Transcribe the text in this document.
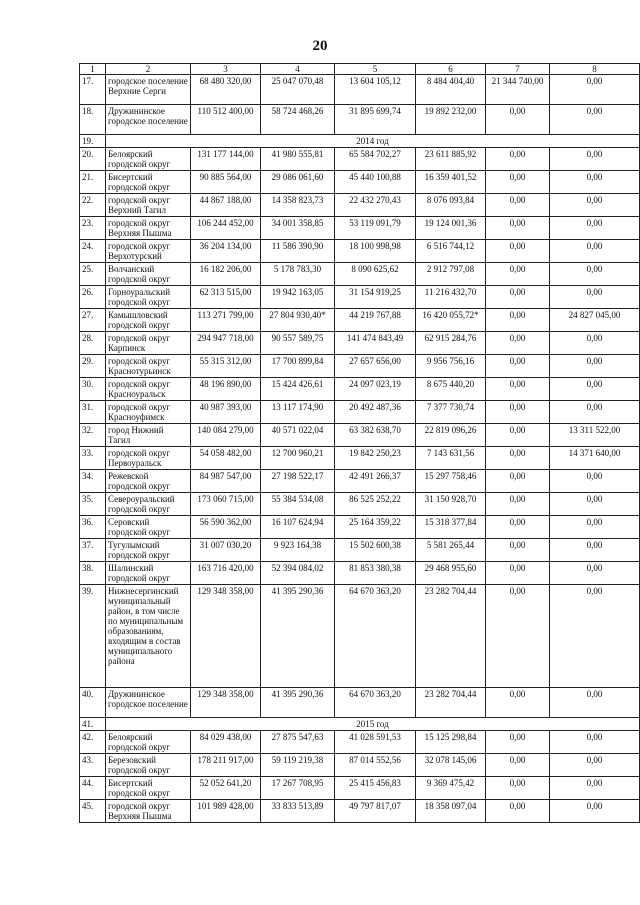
20
1	2	3	4	5	6	7	8
17.	городское поселение Верхние Серги	68 480 320,00	25 047 070,48	13 604 105,12	8 484 404,40	21 344 740,00	0,00
18.	Дружининское городское поселение	110 512 400,00	58 724 468,26	31 895 699,74	19 892 232,00	0,00	0,00
19.	2014 год						
20.	Белоярский городской округ	131 177 144,00	41 980 555,81	65 584 702,27	23 611 885,92	0,00	0,00
21.	Бисертский городской округ	90 885 564,00	29 086 061,60	45 440 100,88	16 359 401,52	0,00	0,00
22.	городской округ Верхний Тагил	44 867 188,00	14 358 823,73	22 432 270,43	8 076 093,84	0,00	0,00
23.	городской округ Верхняя Пышма	106 244 452,00	34 001 358,85	53 119 091,79	19 124 001,36	0,00	0,00
24.	городской округ Верхотурский	36 204 134,00	11 586 390,90	18 100 998,98	6 516 744,12	0,00	0,00
25.	Волчанский городской округ	16 182 206,00	5 178 783,30	8 090 625,62	2 912 797,08	0,00	0,00
26.	Горноуральский городской округ	62 313 515,00	19 942 163,05	31 154 919,25	11 216 432,70	0,00	0,00
27.	Камышловский городской округ	113 271 799,00	27 804 930,40*	44 219 767,88	16 420 055,72*	0,00	24 827 045,00
28.	городской округ Карпинск	294 947 718,00	90 557 589,75	141 474 843,49	62 915 284,76	0,00	0,00
29.	городской округ Краснотурьинск	55 315 312,00	17 700 899,84	27 657 656,00	9 956 756,16	0,00	0,00
30.	городской округ Красноуральск	48 196 890,00	15 424 426,61	24 097 023,19	8 675 440,20	0,00	0,00
31.	городской округ Красноуфимск	40 987 393,00	13 117 174,90	20 492 487,36	7 377 730,74	0,00	0,00
32.	город Нижний Тагил	140 084 279,00	40 571 022,04	63 382 638,70	22 819 096,26	0,00	13 311 522,00
33.	городской округ Первоуральск	54 058 482,00	12 700 960,21	19 842 250,23	7 143 631,56	0,00	14 371 640,00
34.	Режевской городской округ	84 987 547,00	27 198 522,17	42 491 266,37	15 297 758,46	0,00	0,00
35.	Североуральский городской округ	173 060 715,00	55 384 534,08	86 525 252,22	31 150 928,70	0,00	0,00
36.	Серовский городской округ	56 590 362,00	16 107 624,94	25 164 359,22	15 318 377,84	0,00	0,00
37.	Тугулымский городской округ	31 007 030,20	9 923 164,38	15 502 600,38	5 581 265,44	0,00	0,00
38.	Шалинский городской округ	163 716 420,00	52 394 084,02	81 853 380,38	29 468 955,60	0,00	0,00
39.	Нижнесергинский муниципальный район, в том числе по муниципальным образованиям, входящим в состав муниципального района	129 348 358,00	41 395 290,36	64 670 363,20	23 282 704,44	0,00	0,00
40.	Дружининское городское поселение	129 348 358,00	41 395 290,36	64 670 363,20	23 282 704,44	0,00	0,00
41.	2015 год						
42.	Белоярский городской округ	84 029 438,00	27 875 547,63	41 028 591,53	15 125 298,84	0,00	0,00
43.	Березовский городской округ	178 211 917,00	59 119 219,38	87 014 552,56	32 078 145,06	0,00	0,00
44.	Бисертский городской округ	52 052 641,20	17 267 708,95	25 415 456,83	9 369 475,42	0,00	0,00
45.	городской округ Верхняя Пышма	101 989 428,00	33 833 513,89	49 797 817,07	18 358 097,04	0,00	0,00
